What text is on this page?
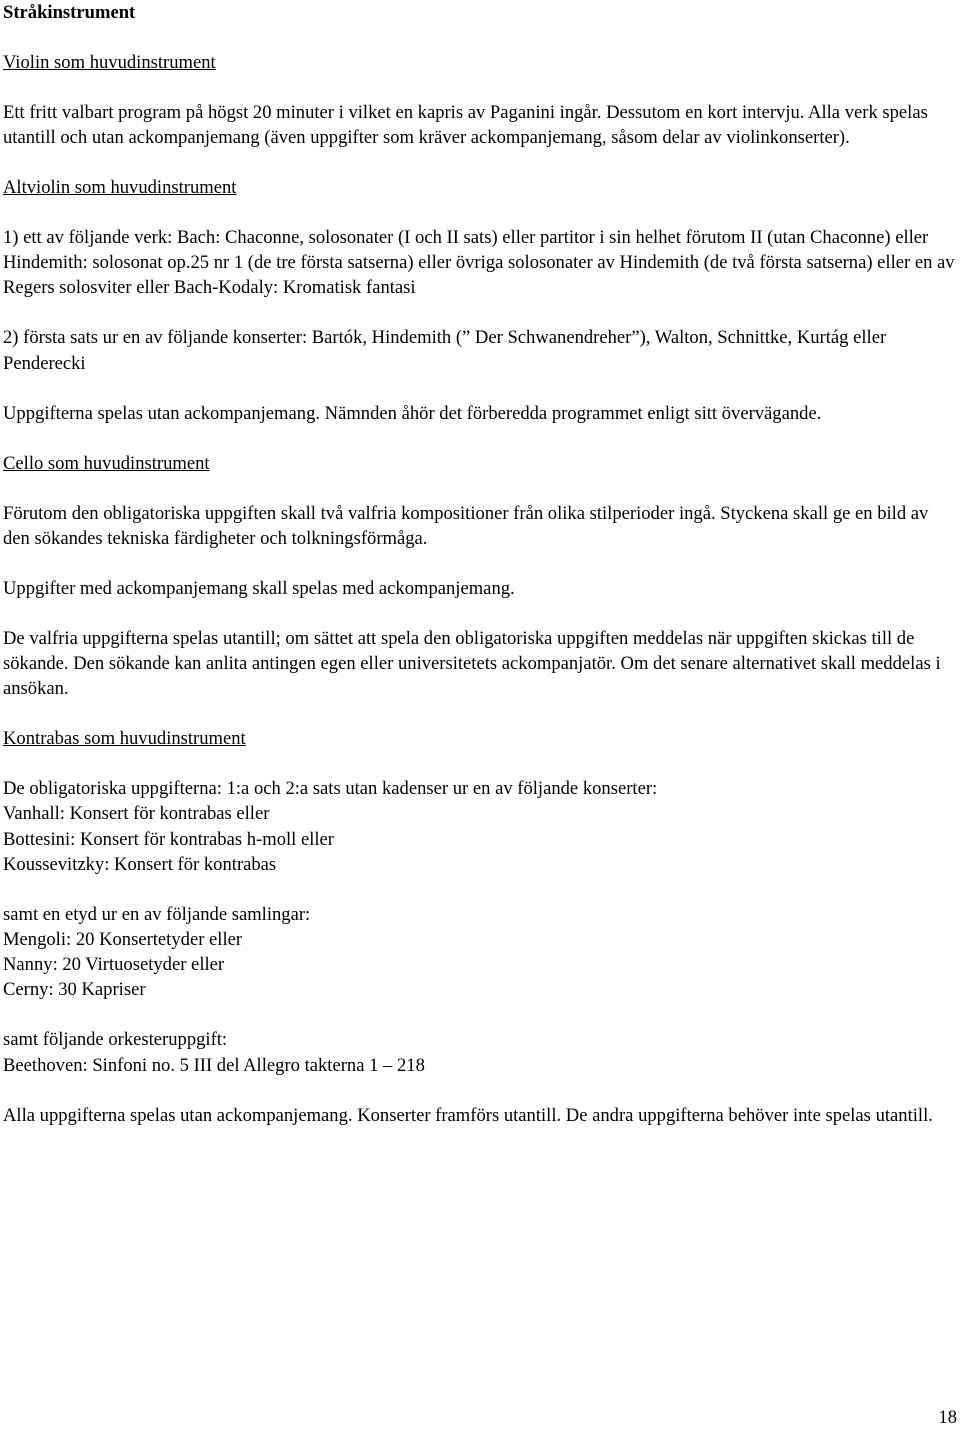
Stråkinstrument

Violin som huvudinstrument

Ett fritt valbart program på högst 20 minuter i vilket en kapris av Paganini ingår. Dessutom en kort intervju. Alla verk spelas utantill och utan ackompanjemang (även uppgifter som kräver ackompanjemang, såsom delar av violinkonserter).

Altviolin som huvudinstrument

1) ett av följande verk: Bach: Chaconne, solosonater (I och II sats) eller partitor i sin helhet förutom II (utan Chaconne) eller Hindemith: solosonat op.25 nr 1 (de tre första satserna) eller övriga solosonater av Hindemith (de två första satserna) eller en av Regers solosviter eller Bach-Kodaly: Kromatisk fantasi

2) första sats ur en av följande konserter: Bartók, Hindemith (” Der Schwanendreher”), Walton, Schnittke, Kurtág eller Penderecki

Uppgifterna spelas utan ackompanjemang. Nämnden åhör det förberedda programmet enligt sitt övervägande.

Cello som huvudinstrument

Förutom den obligatoriska uppgiften skall två valfria kompositioner från olika stilperioder ingå. Styckena skall ge en bild av den sökandes tekniska färdigheter och tolkningsförmåga.

Uppgifter med ackompanjemang skall spelas med ackompanjemang.

De valfria uppgifterna spelas utantill; om sättet att spela den obligatoriska uppgiften meddelas när uppgiften skickas till de sökande. Den sökande kan anlita antingen egen eller universitetets ackompanjatör. Om det senare alternativet skall meddelas i ansökan.

Kontrabas som huvudinstrument

De obligatoriska uppgifterna: 1:a och 2:a sats utan kadenser ur en av följande konserter:

Vanhall: Konsert för kontrabas eller

Bottesini: Konsert för kontrabas h-moll eller

Koussevitzky: Konsert för kontrabas

samt en etyd ur en av följande samlingar:

Mengoli: 20 Konsertetyder eller

Nanny: 20 Virtuosetyder eller

Cerny: 30 Kapriser

samt följande orkesteruppgift:

Beethoven: Sinfoni no. 5 III del Allegro takterna 1 – 218

Alla uppgifterna spelas utan ackompanjemang. Konserter framförs utantill. De andra uppgifterna behöver inte spelas utantill.

18
